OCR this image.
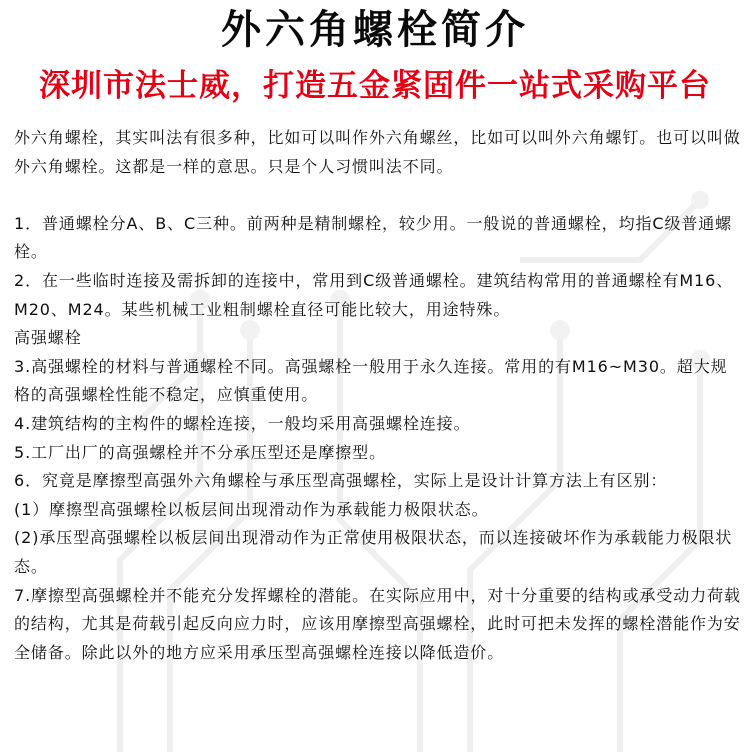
外六角螺栓简介
深圳市法士威，打造五金紧固件一站式采购平台

外六角螺栓，其实叫法有很多种，比如可以叫作外六角螺丝，比如可以叫外六角螺钉。也可以叫做外六角螺栓。这都是一样的意思。只是个人习惯叫法不同。

1．普通螺栓分A、B、C三种。前两种是精制螺栓，较少用。一般说的普通螺栓，均指C级普通螺栓。

2．在一些临时连接及需拆卸的连接中，常用到C级普通螺栓。建筑结构常用的普通螺栓有M16、M20、M24。某些机械工业粗制螺栓直径可能比较大，用途特殊。

高强螺栓

3.高强螺栓的材料与普通螺栓不同。高强螺栓一般用于永久连接。常用的有M16~M30。超大规格的高强螺栓性能不稳定，应慎重使用。

4.建筑结构的主构件的螺栓连接，一般均采用高强螺栓连接。

5.工厂出厂的高强螺栓并不分承压型还是摩擦型。

6．究竟是摩擦型高强外六角螺栓与承压型高强螺栓，实际上是设计计算方法上有区别：

(1）摩擦型高强螺栓以板层间出现滑动作为承载能力极限状态。

(2)承压型高强螺栓以板层间出现滑动作为正常使用极限状态，而以连接破坏作为承载能力极限状态。

7.摩擦型高强螺栓并不能充分发挥螺栓的潜能。在实际应用中，对十分重要的结构或承受动力荷载的结构，尤其是荷载引起反向应力时，应该用摩擦型高强螺栓，此时可把未发挥的螺栓潜能作为安全储备。除此以外的地方应采用承压型高强螺栓连接以降低造价。
